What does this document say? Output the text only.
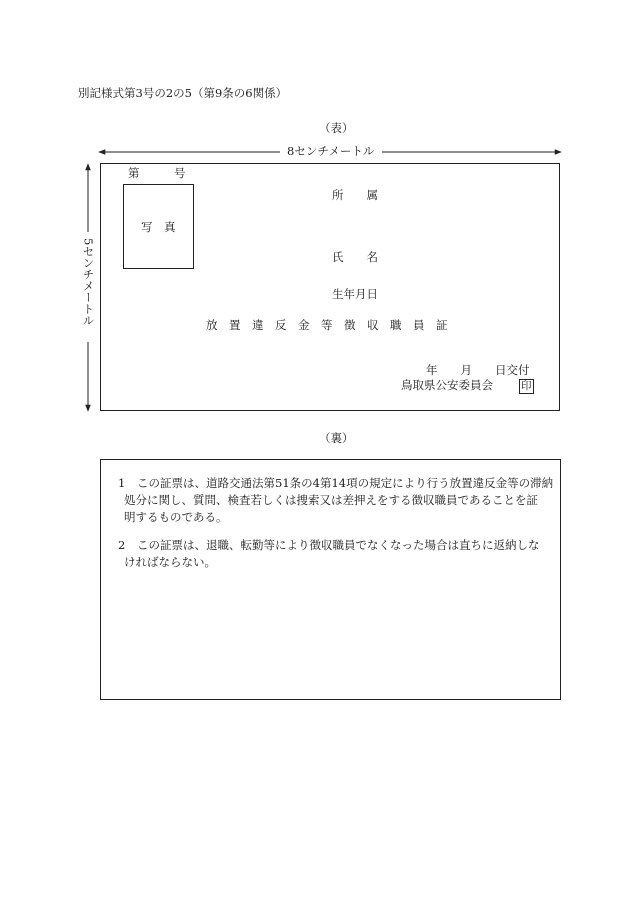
別記様式第3号の2の5（第9条の6関係）
（表）
8センチメートル
5センチメートル
第　　　号
写　真
所　　属
氏　　名
生年月日
放　置　違　反　金　等　徴　収　職　員　証
年　　月　　日交付
鳥取県公安委員会	印
（裏）
1 この証票は、道路交通法第51条の4第14項の規定により行う放置違反金等の滞納
処分に関し、質問、検査若しくは捜索又は差押えをする徴収職員であることを証
明するものである。
2 この証票は、退職、転勤等により徴収職員でなくなった場合は直ちに返納しな
ければならない。
